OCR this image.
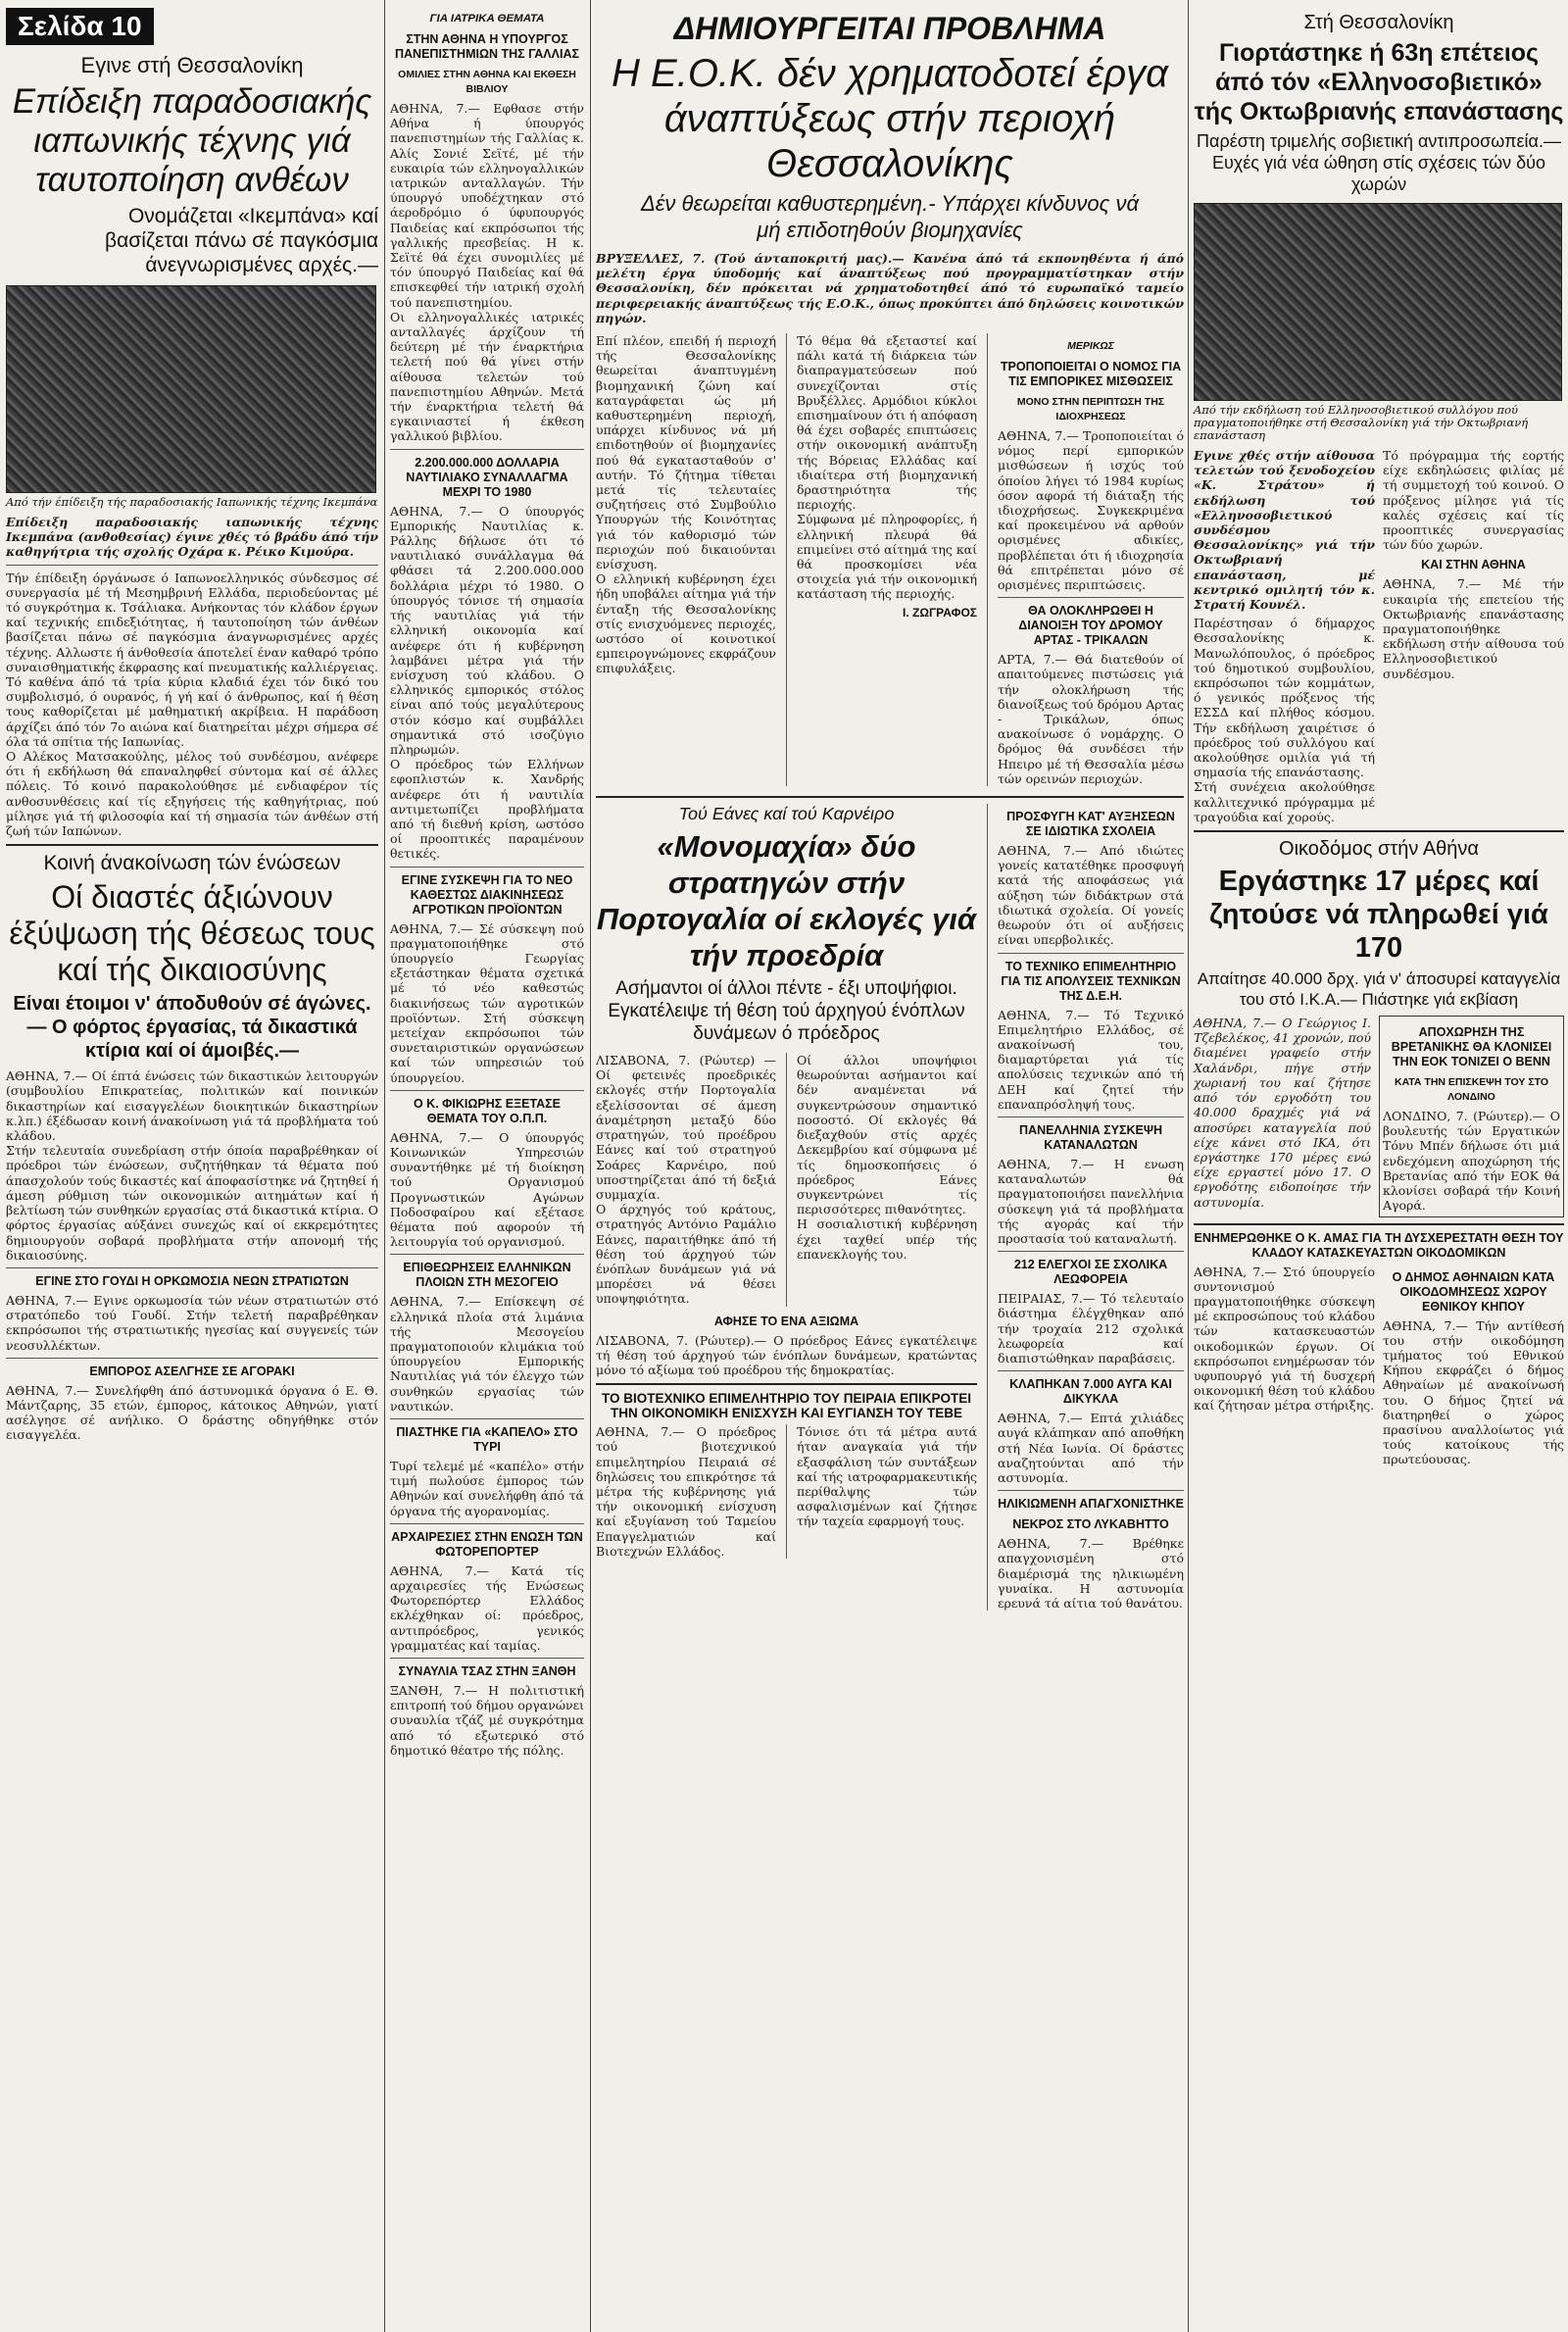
Σελίδα 10
Εγινε στή Θεσσαλονίκη
Επίδειξη παραδοσιακής ιαπωνικής τέχνης γιά ταυτοποίηση ανθέων
Ονομάζεται «Ικεμπάνα» καί βασίζεται πάνω σέ παγκόσμια άνεγνωρισμένες αρχές.—
Από τήν έπίδειξη τής παραδοσιακής Ιαπωνικής τέχνης Ικεμπάνα

Επίδειξη παραδοσιακής ιαπωνικής τέχνης Ικεμπάνα (ανθοθεσίας) έγινε χθές τό βράδυ άπό τήν καθηγήτρια τής σχολής Οχάρα κ. Ρέικο Κιμούρα.

Τήν έπίδειξη όργάνωσε ό Ιαπωνοελληνικός σύνδεσμος σέ συνεργασία μέ τή Μεσημβρινή Ελλάδα, περιοδεύοντας μέ τό συγκρότημα κ. Τσάλιακα. Ανήκοντας τόν κλάδον έργων καί τεχνικής επιδεξιότητας, ή ταυτοποίηση τών άνθέων βασίζεται πάνω σέ παγκόσμια άναγνωρισμένες αρχές τέχνης. Αλλωστε ή άνθοθεσία άποτελεί έναν καθαρό τρόπο συναισθηματικής έκφρασης καί πνευματικής καλλιέργειας. Τό καθένα άπό τά τρία κύρια κλαδιά έχει τόν δικό του συμβολισμό, ό ουρανός, ή γή καί ό άνθρωπος, καί ή θέση τους καθορίζεται μέ μαθηματική ακρίβεια. Η παράδοση άρχίζει άπό τόν 7ο αιώνα καί διατηρείται μέχρι σήμερα σέ όλα τά σπίτια τής Ιαπωνίας.
Ο Αλέκος Ματσακούλης, μέλος τού συνδέσμου, ανέφερε ότι ή εκδήλωση θά επαναληφθεί σύντομα καί σέ άλλες πόλεις. Τό κοινό παρακολούθησε μέ ενδιαφέρον τίς ανθοσυνθέσεις καί τίς εξηγήσεις τής καθηγήτριας, πού μίλησε γιά τή φιλοσοφία καί τή σημασία τών άνθέων στή ζωή τών Ιαπώνων.

Κοινή άνακοίνωση τών ένώσεων
Οί διαστές άξιώνουν έξύψωση τής θέσεως τους καί τής δικαιοσύνης
Είναι έτοιμοι ν' άποδυθούν σέ άγώνες.— Ο φόρτος έργασίας, τά δικαστικά κτίρια καί οί άμοιβές.—

ΑΘΗΝΑ, 7.— Οί έπτά ένώσεις τών δικαστικών λειτουργών (συμβουλίου Επικρατείας, πολιτικών καί ποινικών δικαστηρίων καί εισαγγελέων διοικητικών δικαστηρίων κ.λπ.) έξέδωσαν κοινή άνακοίνωση γιά τά προβλήματα τού κλάδου.
Στήν τελευταία συνεδρίαση στήν όποία παραβρέθηκαν οί πρόεδροι τών ένώσεων, συζητήθηκαν τά θέματα πού άπασχολούν τούς δικαστές καί άποφασίστηκε νά ζητηθεί ή άμεση ρύθμιση τών οικονομικών αιτημάτων καί ή βελτίωση τών συνθηκών εργασίας στά δικαστικά κτίρια. Ο φόρτος έργασίας αύξάνει συνεχώς καί οί εκκρεμότητες δημιουργούν σοβαρά προβλήματα στήν απονομή τής δικαιοσύνης.

ΕΓΙΝΕ ΣΤΟ ΓΟΥΔΙ Η ΟΡΚΩΜΟΣΙΑ ΝΕΩΝ ΣΤΡΑΤΙΩΤΩΝ

ΑΘΗΝΑ, 7.— Εγινε ορκωμοσία τών νέων στρατιωτών στό στρατόπεδο τού Γουδί. Στήν τελετή παραβρέθηκαν εκπρόσωποι τής στρατιωτικής ηγεσίας καί συγγενείς τών νεοσυλλέκτων.

ΕΜΠΟΡΟΣ ΑΣΕΛΓΗΣΕ ΣΕ ΑΓΟΡΑΚΙ

ΑΘΗΝΑ, 7.— Συνελήφθη άπό άστυνομικά όργανα ό Ε. Θ. Μάντζαρης, 35 ετών, έμπορος, κάτοικος Αθηνών, γιατί ασέλγησε σέ ανήλικο. Ο δράστης οδηγήθηκε στόν εισαγγελέα.

ΓΙΑ ΙΑΤΡΙΚΑ ΘΕΜΑΤΑ
ΣΤΗΝ ΑΘΗΝΑ Η ΥΠΟΥΡΓΟΣ ΠΑΝΕΠΙΣΤΗΜΙΩΝ ΤΗΣ ΓΑΛΛΙΑΣ
ΟΜΙΛΙΕΣ ΣΤΗΝ ΑΘΗΝΑ ΚΑΙ ΕΚΘΕΣΗ ΒΙΒΛΙΟΥ

ΑΘΗΝΑ, 7.— Εφθασε στήν Αθήνα ή ύπουργός πανεπιστημίων τής Γαλλίας κ. Αλίς Σονιέ Σεϊτέ, μέ τήν ευκαιρία τών ελληνογαλλικών ιατρικών ανταλλαγών. Τήν ύπουργό υποδέχτηκαν στό άεροδρόμιο ό ύφυπουργός Παιδείας καί εκπρόσωποι τής γαλλικής πρεσβείας. Η κ. Σεϊτέ θά έχει συνομιλίες μέ τόν ύπουργό Παιδείας καί θά επισκεφθεί τήν ιατρική σχολή τού πανεπιστημίου.
Οι ελληνογαλλικές ιατρικές ανταλλαγές άρχίζουν τή δεύτερη μέ τήν έναρκτήρια τελετή πού θά γίνει στήν αίθουσα τελετών τού πανεπιστημίου Αθηνών. Μετά τήν έναρκτήρια τελετή θά εγκαινιαστεί ή έκθεση γαλλικού βιβλίου.

2.200.000.000 ΔΟΛΛΑΡΙΑ ΝΑΥΤΙΛΙΑΚΟ ΣΥΝΑΛΛΑΓΜΑ ΜΕΧΡΙ ΤΟ 1980

ΑΘΗΝΑ, 7.— Ο ύπουργός Εμπορικής Ναυτιλίας κ. Ράλλης δήλωσε ότι τό ναυτιλιακό συνάλλαγμα θά φθάσει τά 2.200.000.000 δολλάρια μέχρι τό 1980. Ο ύπουργός τόνισε τή σημασία τής ναυτιλίας γιά τήν ελληνική οικονομία καί ανέφερε ότι ή κυβέρνηση λαμβάνει μέτρα γιά τήν ενίσχυση τού κλάδου. Ο ελληνικός εμπορικός στόλος είναι από τούς μεγαλύτερους στόν κόσμο καί συμβάλλει σημαντικά στό ισοζύγιο πληρωμών.
Ο πρόεδρος τών Ελλήνων εφοπλιστών κ. Χανδρής ανέφερε ότι ή ναυτιλία αντιμετωπίζει προβλήματα από τή διεθνή κρίση, ωστόσο οί προοπτικές παραμένουν θετικές.

ΕΓΙΝΕ ΣΥΣΚΕΨΗ ΓΙΑ ΤΟ ΝΕΟ ΚΑΘΕΣΤΩΣ ΔΙΑΚΙΝΗΣΕΩΣ ΑΓΡΟΤΙΚΩΝ ΠΡΟΪΟΝΤΩΝ

ΑΘΗΝΑ, 7.— Σέ σύσκεψη πού πραγματοποιήθηκε στό ύπουργείο Γεωργίας εξετάστηκαν θέματα σχετικά μέ τό νέο καθεστώς διακινήσεως τών αγροτικών προϊόντων. Στή σύσκεψη μετείχαν εκπρόσωποι τών συνεταιριστικών οργανώσεων καί τών υπηρεσιών τού ύπουργείου.

Ο Κ. ΦΙΚΙΩΡΗΣ ΕΞΕΤΑΣΕ ΘΕΜΑΤΑ ΤΟΥ Ο.Π.Π.

ΑΘΗΝΑ, 7.— Ο ύπουργός Κοινωνικών Υπηρεσιών συναντήθηκε μέ τή διοίκηση τού Οργανισμού Προγνωστικών Αγώνων Ποδοσφαίρου καί εξέτασε θέματα πού αφορούν τή λειτουργία τού οργανισμού.

ΕΠΙΘΕΩΡΗΣΕΙΣ ΕΛΛΗΝΙΚΩΝ ΠΛΟΙΩΝ ΣΤΗ ΜΕΣΟΓΕΙΟ

ΑΘΗΝΑ, 7.— Επίσκεψη σέ ελληνικά πλοία στά λιμάνια τής Μεσογείου πραγματοποιούν κλιμάκια τού ύπουργείου Εμπορικής Ναυτιλίας γιά τόν έλεγχο τών συνθηκών εργασίας τών ναυτικών.

ΠΙΑΣΤΗΚΕ ΓΙΑ «ΚΑΠΕΛΟ» ΣΤΟ ΤΥΡΙ

Τυρί τελεμέ μέ «καπέλο» στήν τιμή πωλούσε έμπορος τών Αθηνών καί συνελήφθη άπό τά όργανα τής αγορανομίας.

ΑΡΧΑΙΡΕΣΙΕΣ ΣΤΗΝ ΕΝΩΣΗ ΤΩΝ ΦΩΤΟΡΕΠΟΡΤΕΡ

ΑΘΗΝΑ, 7.— Κατά τίς αρχαιρεσίες τής Ενώσεως Φωτορεπόρτερ Ελλάδος εκλέχθηκαν οί: πρόεδρος, αντιπρόεδρος, γενικός γραμματέας καί ταμίας.

ΣΥΝΑΥΛΙΑ ΤΣΑΖ ΣΤΗΝ ΞΑΝΘΗ

ΞΑΝΘΗ, 7.— Η πολιτιστική επιτροπή τού δήμου οργανώνει συναυλία τζάζ μέ συγκρότημα από τό εξωτερικό στό δημοτικό θέατρο τής πόλης.

ΔΗΜΙΟΥΡΓΕΙΤΑΙ ΠΡΟΒΛΗΜΑ
Η Ε.Ο.Κ. δέν χρηματοδοτεί έργα άναπτύξεως στήν περιοχή Θεσσαλονίκης
Δέν θεωρείται καθυστερημένη.- Υπάρχει κίνδυνος νά μή επιδοτηθούν βιομηχανίες

ΒΡΥΞΕΛΛΕΣ, 7. (Τού άνταποκριτή μας).— Κανένα άπό τά εκπονηθέντα ή άπό μελέτη έργα ύποδομής καί άναπτύξεως πού προγραμματίστηκαν στήν Θεσσαλονίκη, δέν πρόκειται νά χρηματοδοτηθεί άπό τό ευρωπαϊκό ταμείο περιφερειακής άναπτύξεως τής Ε.Ο.Κ., όπως προκύπτει άπό δηλώσεις κοινοτικών πηγών.

Επί πλέον, επειδή ή περιοχή τής Θεσσαλονίκης θεωρείται άναπτυγμένη βιομηχανική ζώνη καί καταγράφεται ώς μή καθυστερημένη περιοχή, υπάρχει κίνδυνος νά μή επιδοτηθούν οί βιομηχανίες πού θά εγκατασταθούν σ' αυτήν. Τό ζήτημα τίθεται μετά τίς τελευταίες συζητήσεις στό Συμβούλιο Υπουργών τής Κοινότητας γιά τόν καθορισμό τών περιοχών πού δικαιούνται ενίσχυση.
Ο ελληνική κυβέρνηση έχει ήδη υποβάλει αίτημα γιά τήν ένταξη τής Θεσσαλονίκης στίς ενισχυόμενες περιοχές, ωστόσο οί κοινοτικοί εμπειρογνώμονες εκφράζουν επιφυλάξεις.

Τό θέμα θά εξεταστεί καί πάλι κατά τή διάρκεια τών διαπραγματεύσεων πού συνεχίζονται στίς Βρυξέλλες. Αρμόδιοι κύκλοι επισημαίνουν ότι ή απόφαση θά έχει σοβαρές επιπτώσεις στήν οικονομική ανάπτυξη τής Βόρειας Ελλάδας καί ιδιαίτερα στή βιομηχανική δραστηριότητα τής περιοχής.
Σύμφωνα μέ πληροφορίες, ή ελληνική πλευρά θά επιμείνει στό αίτημά της καί θά προσκομίσει νέα στοιχεία γιά τήν οικονομική κατάσταση τής περιοχής.

I. ΖΩΓΡΑΦΟΣ
ΜΕΡΙΚΩΣ
ΤΡΟΠΟΠΟΙΕΙΤΑΙ Ο ΝΟΜΟΣ ΓΙΑ ΤΙΣ ΕΜΠΟΡΙΚΕΣ ΜΙΣΘΩΣΕΙΣ
ΜΟΝΟ ΣΤΗΝ ΠΕΡΙΠΤΩΣΗ ΤΗΣ ΙΔΙΟΧΡΗΣΕΩΣ

ΑΘΗΝΑ, 7.— Τροποποιείται ό νόμος περί εμπορικών μισθώσεων ή ισχύς τού όποίου λήγει τό 1984 κυρίως όσον αφορά τή διάταξη τής ιδιοχρήσεως. Συγκεκριμένα καί προκειμένου νά αρθούν ορισμένες αδικίες, προβλέπεται ότι ή ιδιοχρησία θά επιτρέπεται μόνο σέ ορισμένες περιπτώσεις.

ΘΑ ΟΛΟΚΛΗΡΩΘΕΙ Η ΔΙΑΝΟΙΞΗ ΤΟΥ ΔΡΟΜΟΥ ΑΡΤΑΣ - ΤΡΙΚΑΛΩΝ

ΑΡΤΑ, 7.— Θά διατεθούν οί απαιτούμενες πιστώσεις γιά τήν ολοκλήρωση τής διανοίξεως τού δρόμου Αρτας - Τρικάλων, όπως ανακοίνωσε ό νομάρχης. Ο δρόμος θά συνδέσει τήν Ηπειρο μέ τή Θεσσαλία μέσω τών ορεινών περιοχών.

Τού Εάνες καί τού Καρνέιρο
«Μονομαχία» δύο στρατηγών στήν Πορτογαλία οί εκλογές γιά τήν προεδρία
Ασήμαντοι οί άλλοι πέντε - έξι υποψήφιοι. Εγκατέλειψε τή θέση τού άρχηγού ένόπλων δυνάμεων ό πρόεδρος

ΛΙΣΑΒΟΝΑ, 7. (Ρώυτερ) — Οί φετεινές προεδρικές εκλογές στήν Πορτογαλία εξελίσσονται σέ άμεση άναμέτρηση μεταξύ δύο στρατηγών, τού προέδρου Εάνες καί τού στρατηγού Σοάρες Καρνέιρο, πού υποστηρίζεται άπό τή δεξιά συμμαχία.
Ο άρχηγός τού κράτους, στρατηγός Αντόνιο Ραμάλιο Εάνες, παραιτήθηκε άπό τή θέση τού άρχηγού τών ένόπλων δυνάμεων γιά νά μπορέσει νά θέσει υποψηφιότητα.

Οί άλλοι υποψήφιοι θεωρούνται ασήμαντοι καί δέν αναμένεται νά συγκεντρώσουν σημαντικό ποσοστό. Οί εκλογές θά διεξαχθούν στίς αρχές Δεκεμβρίου καί σύμφωνα μέ τίς δημοσκοπήσεις ό πρόεδρος Εάνες συγκεντρώνει τίς περισσότερες πιθανότητες.
Η σοσιαλιστική κυβέρνηση έχει ταχθεί υπέρ τής επανεκλογής του.

ΑΦΗΣΕ ΤΟ ΕΝΑ ΑΞΙΩΜΑ

ΛΙΣΑΒΟΝΑ, 7. (Ρώυτερ).— Ο πρόεδρος Εάνες εγκατέλειψε τή θέση τού άρχηγού τών ένόπλων δυνάμεων, κρατώντας μόνο τό αξίωμα τού προέδρου τής δημοκρατίας.

ΤΟ ΒΙΟΤΕΧΝΙΚΟ ΕΠΙΜΕΛΗΤΗΡΙΟ ΤΟΥ ΠΕΙΡΑΙΑ ΕΠΙΚΡΟΤΕΙ ΤΗΝ ΟΙΚΟΝΟΜΙΚΗ ΕΝΙΣΧΥΣΗ ΚΑΙ ΕΥΓΙΑΝΣΗ ΤΟΥ ΤΕΒΕ

ΑΘΗΝΑ, 7.— Ο πρόεδρος τού βιοτεχνικού επιμελητηρίου Πειραιά σέ δηλώσεις του επικρότησε τά μέτρα τής κυβέρνησης γιά τήν οικονομική ενίσχυση καί εξυγίανση τού Ταμείου Επαγγελματιών καί Βιοτεχνών Ελλάδος.

Τόνισε ότι τά μέτρα αυτά ήταν αναγκαία γιά τήν εξασφάλιση τών συντάξεων καί τής ιατροφαρμακευτικής περίθαλψης τών ασφαλισμένων καί ζήτησε τήν ταχεία εφαρμογή τους.

ΠΡΟΣΦΥΓΗ ΚΑΤ' ΑΥΞΗΣΕΩΝ ΣΕ ΙΔΙΩΤΙΚΑ ΣΧΟΛΕΙΑ

ΑΘΗΝΑ, 7.— Από ιδιώτες γονείς κατατέθηκε προσφυγή κατά τής αποφάσεως γιά αύξηση τών διδάκτρων στά ιδιωτικά σχολεία. Οί γονείς θεωρούν ότι οί αυξήσεις είναι υπερβολικές.

ΤΟ ΤΕΧΝΙΚΟ ΕΠΙΜΕΛΗΤΗΡΙΟ ΓΙΑ ΤΙΣ ΑΠΟΛΥΣΕΙΣ ΤΕΧΝΙΚΩΝ ΤΗΣ Δ.Ε.Η.

ΑΘΗΝΑ, 7.— Τό Τεχνικό Επιμελητήριο Ελλάδος, σέ ανακοίνωσή του, διαμαρτύρεται γιά τίς απολύσεις τεχνικών από τή ΔΕΗ καί ζητεί τήν επαναπρόσληψή τους.

ΠΑΝΕΛΛΗΝΙΑ ΣΥΣΚΕΨΗ ΚΑΤΑΝΑΛΩΤΩΝ

ΑΘΗΝΑ, 7.— Η ενωση καταναλωτών θά πραγματοποιήσει πανελλήνια σύσκεψη γιά τά προβλήματα τής αγοράς καί τήν προστασία τού καταναλωτή.

212 ΕΛΕΓΧΟΙ ΣΕ ΣΧΟΛΙΚΑ ΛΕΩΦΟΡΕΙΑ

ΠΕΙΡΑΙΑΣ, 7.— Τό τελευταίο διάστημα έλέγχθηκαν από τήν τροχαία 212 σχολικά λεωφορεία καί διαπιστώθηκαν παραβάσεις.

ΚΛΑΠΗΚΑΝ 7.000 ΑΥΓΑ ΚΑΙ ΔΙΚΥΚΛΑ

ΑΘΗΝΑ, 7.— Επτά χιλιάδες αυγά κλάπηκαν από αποθήκη στή Νέα Ιωνία. Οί δράστες αναζητούνται από τήν αστυνομία.

ΗΛΙΚΙΩΜΕΝΗ ΑΠΑΓΧΟΝΙΣΤΗΚΕ
ΝΕΚΡΟΣ ΣΤΟ ΛΥΚΑΒΗΤΤΟ

ΑΘΗΝΑ, 7.— Βρέθηκε απαγχονισμένη στό διαμέρισμά της ηλικιωμένη γυναίκα. Η αστυνομία ερευνά τά αίτια τού θανάτου.

Στή Θεσσαλονίκη
Γιορτάστηκε ή 63η επέτειος άπό τόν «Ελληνοσοβιετικό» τής Οκτωβριανής επανάστασης
Παρέστη τριμελής σοβιετική αντιπροσωπεία.— Ευχές γιά νέα ώθηση στίς σχέσεις τών δύο χωρών
Από τήν εκδήλωση τού Ελληνοσοβιετικού συλλόγου πού πραγματοποιήθηκε στή Θεσσαλονίκη γιά τήν Οκτωβριανή επανάσταση

Εγινε χθές στήν αίθουσα τελετών τού ξενοδοχείου «Κ. Στράτου» ή εκδήλωση τού «Ελληνοσοβιετικού συνδέσμου Θεσσαλονίκης» γιά τήν Οκτωβριανή επανάσταση, μέ κεντρικό ομιλητή τόν κ. Στρατή Κουνέλ.

Παρέστησαν ό δήμαρχος Θεσσαλονίκης κ. Μανωλόπουλος, ό πρόεδρος τού δημοτικού συμβουλίου, εκπρόσωποι τών κομμάτων, ό γενικός πρόξενος τής ΕΣΣΔ καί πλήθος κόσμου. Τήν εκδήλωση χαιρέτισε ό πρόεδρος τού συλλόγου καί ακολούθησε ομιλία γιά τή σημασία τής επανάστασης.
Στή συνέχεια ακολούθησε καλλιτεχνικό πρόγραμμα μέ τραγούδια καί χορούς.

Τό πρόγραμμα τής εορτής είχε εκδηλώσεις φιλίας μέ τή συμμετοχή τού κοινού. Ο πρόξενος μίλησε γιά τίς καλές σχέσεις καί τίς προοπτικές συνεργασίας τών δύο χωρών.

ΚΑΙ ΣΤΗΝ ΑΘΗΝΑ

ΑΘΗΝΑ, 7.— Μέ τήν ευκαιρία τής επετείου τής Οκτωβριανής επανάστασης πραγματοποιήθηκε εκδήλωση στήν αίθουσα τού Ελληνοσοβιετικού συνδέσμου.

Οικοδόμος στήν Αθήνα
Εργάστηκε 17 μέρες καί ζητούσε νά πληρωθεί γιά 170
Απαίτησε 40.000 δρχ. γιά ν' άποσυρεί καταγγελία του στό Ι.Κ.Α.— Πιάστηκε γιά εκβίαση

ΑΘΗΝΑ, 7.— Ο Γεώργιος Ι. Τζεβελέκος, 41 χρονών, πού διαμένει γραφείο στήν Χαλάνδρι, πήγε στήν χωριανή του καί ζήτησε από τόν εργοδότη του 40.000 δραχμές γιά νά αποσύρει καταγγελία πού είχε κάνει στό ΙΚΑ, ότι εργάστηκε 170 μέρες ενώ είχε εργαστεί μόνο 17. Ο εργοδότης ειδοποίησε τήν αστυνομία.

ΑΠΟΧΩΡΗΣΗ ΤΗΣ ΒΡΕΤΑΝΙΚΗΣ ΘΑ ΚΛΟΝΙΣΕΙ ΤΗΝ ΕΟΚ ΤΟΝΙΖΕΙ Ο ΒΕΝΝ
ΚΑΤΑ ΤΗΝ ΕΠΙΣΚΕΨΗ ΤΟΥ ΣΤΟ ΛΟΝΔΙΝΟ

ΛΟΝΔΙΝΟ, 7. (Ρώυτερ).— Ο βουλευτής τών Εργατικών Τόνυ Μπέν δήλωσε ότι μιά ενδεχόμενη αποχώρηση τής Βρετανίας από τήν ΕΟΚ θά κλονίσει σοβαρά τήν Κοινή Αγορά.

ΕΝΗΜΕΡΩΘΗΚΕ Ο Κ. ΑΜΑΣ ΓΙΑ ΤΗ ΔΥΣΧΕΡΕΣΤΑΤΗ ΘΕΣΗ ΤΟΥ ΚΛΑΔΟΥ ΚΑΤΑΣΚΕΥΑΣΤΩΝ ΟΙΚΟΔΟΜΙΚΩΝ

ΑΘΗΝΑ, 7.— Στό ύπουργείο συντονισμού πραγματοποιήθηκε σύσκεψη μέ εκπροσώπους τού κλάδου τών κατασκευαστών οικοδομικών έργων. Οί εκπρόσωποι ενημέρωσαν τόν υφυπουργό γιά τή δυσχερή οικονομική θέση τού κλάδου καί ζήτησαν μέτρα στήριξης.

Ο ΔΗΜΟΣ ΑΘΗΝΑΙΩΝ ΚΑΤΑ ΟΙΚΟΔΟΜΗΣΕΩΣ ΧΩΡΟΥ ΕΘΝΙΚΟΥ ΚΗΠΟΥ

ΑΘΗΝΑ, 7.— Τήν αντίθεσή του στήν οικοδόμηση τμήματος τού Εθνικού Κήπου εκφράζει ό δήμος Αθηναίων μέ ανακοίνωσή του. Ο δήμος ζητεί νά διατηρηθεί ο χώρος πρασίνου αναλλοίωτος γιά τούς κατοίκους τής πρωτεύουσας.
